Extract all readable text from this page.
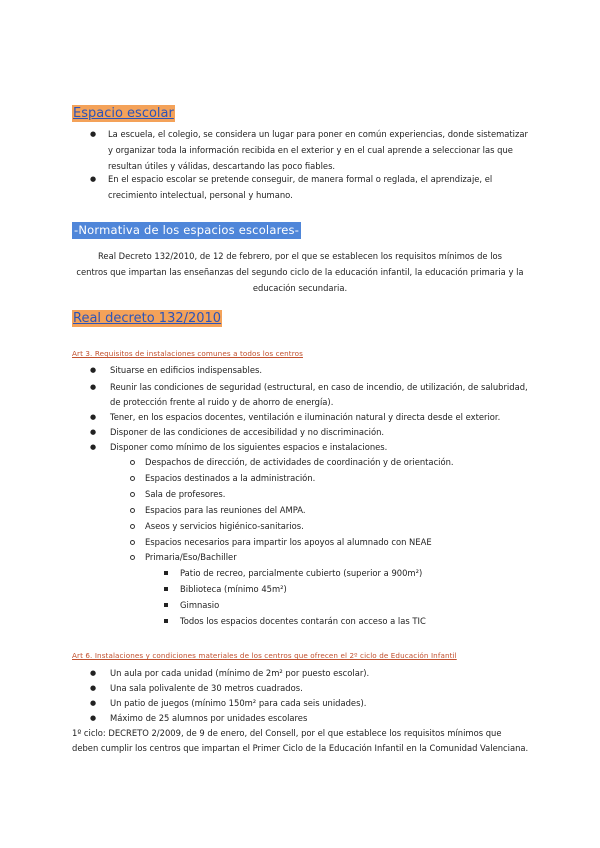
Espacio escolar
● La escuela, el colegio, se considera un lugar para poner en común experiencias, donde sistematizar
y organizar toda la información recibida en el exterior y en el cual aprende a seleccionar las que
resultan útiles y válidas, descartando las poco fiables.
● En el espacio escolar se pretende conseguir, de manera formal o reglada, el aprendizaje, el
crecimiento intelectual, personal y humano.
-Normativa de los espacios escolares-
Real Decreto 132/2010, de 12 de febrero, por el que se establecen los requisitos mínimos de los
centros que impartan las enseñanzas del segundo ciclo de la educación infantil, la educación primaria y la
educación secundaria.
Real decreto 132/2010
Art 3. Requisitos de instalaciones comunes a todos los centros
● Situarse en edificios indispensables.
● Reunir las condiciones de seguridad (estructural, en caso de incendio, de utilización, de salubridad,
de protección frente al ruido y de ahorro de energía).
● Tener, en los espacios docentes, ventilación e iluminación natural y directa desde el exterior.
● Disponer de las condiciones de accesibilidad y no discriminación.
● Disponer como mínimo de los siguientes espacios e instalaciones.
Despachos de dirección, de actividades de coordinación y de orientación.
Espacios destinados a la administración.
Sala de profesores.
Espacios para las reuniones del AMPA.
Aseos y servicios higiénico-sanitarios.
Espacios necesarios para impartir los apoyos al alumnado con NEAE
Primaria/Eso/Bachiller
Patio de recreo, parcialmente cubierto (superior a 900m²)
Biblioteca (mínimo 45m²)
Gimnasio
Todos los espacios docentes contarán con acceso a las TIC
Art 6. Instalaciones y condiciones materiales de los centros que ofrecen el 2º ciclo de Educación Infantil
● Un aula por cada unidad (mínimo de 2m² por puesto escolar).
● Una sala polivalente de 30 metros cuadrados.
● Un patio de juegos (mínimo 150m² para cada seis unidades).
● Máximo de 25 alumnos por unidades escolares
1º ciclo: DECRETO 2/2009, de 9 de enero, del Consell, por el que establece los requisitos mínimos que
deben cumplir los centros que impartan el Primer Ciclo de la Educación Infantil en la Comunidad Valenciana.
